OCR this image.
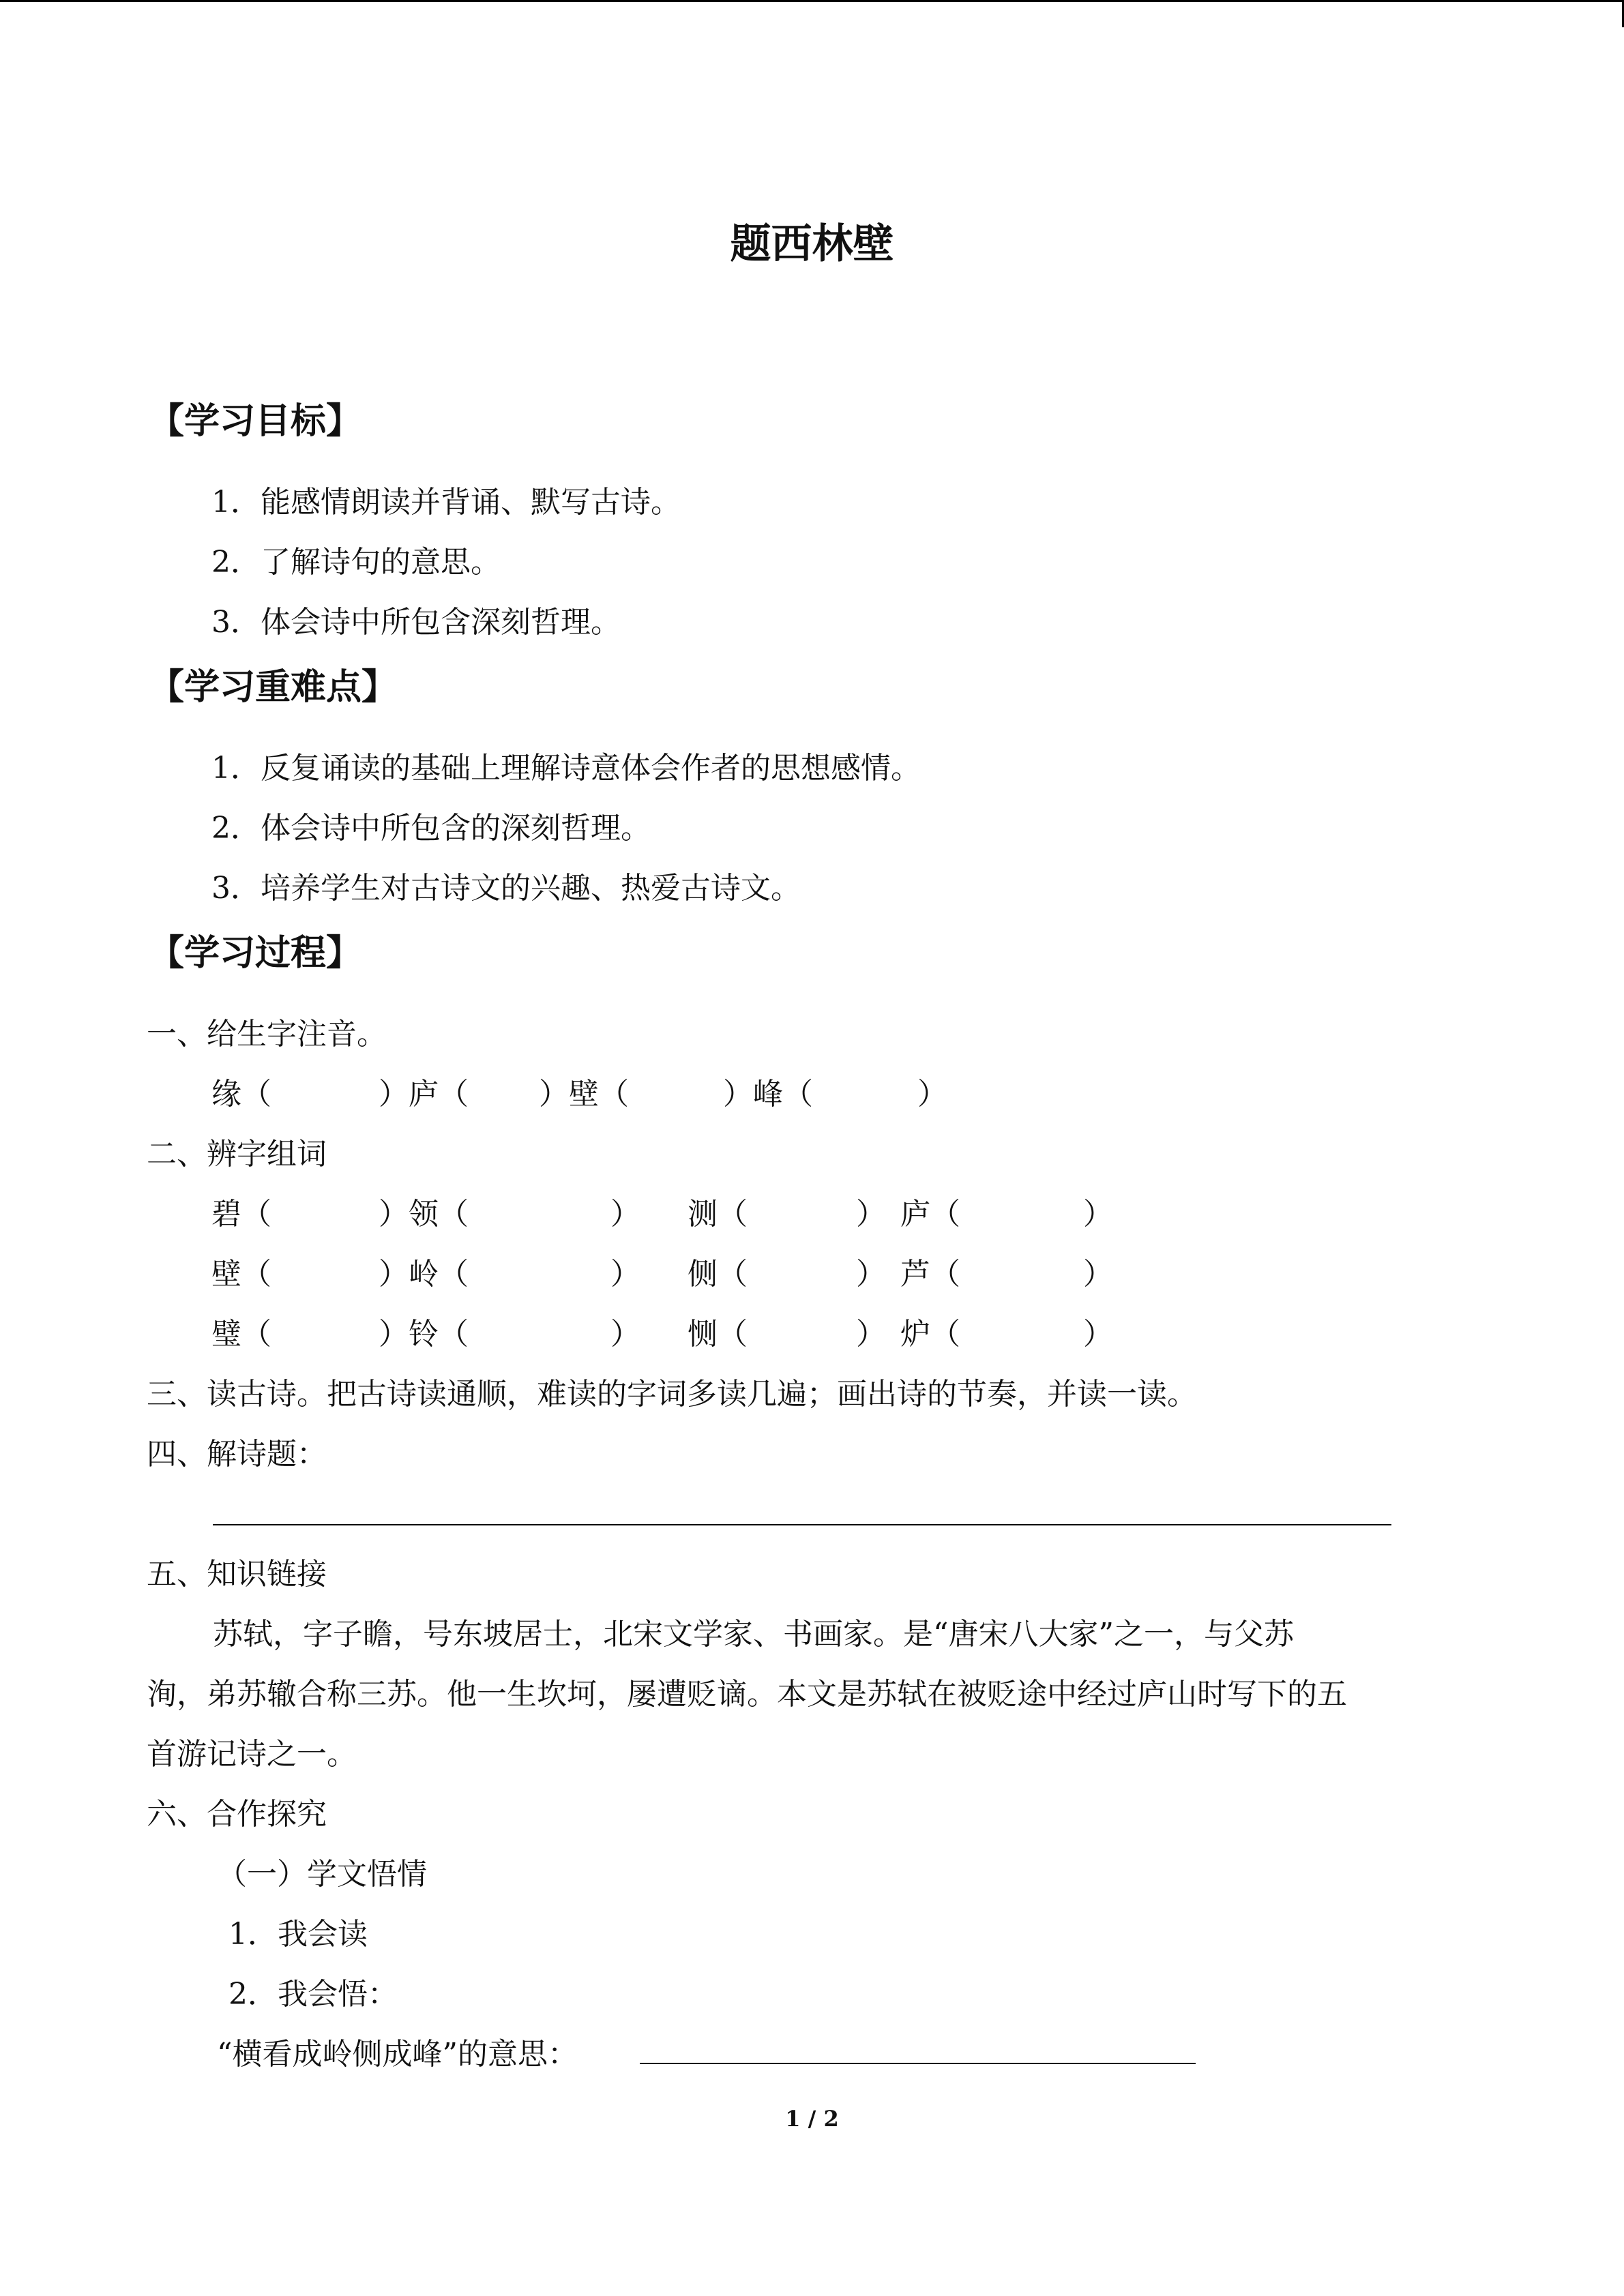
题西林壁
【学习目标】
1．能感情朗读并背诵、默写古诗。
2．了解诗句的意思。
3．体会诗中所包含深刻哲理。
【学习重难点】
1．反复诵读的基础上理解诗意体会作者的思想感情。
2．体会诗中所包含的深刻哲理。
3．培养学生对古诗文的兴趣、热爱古诗文。
【学习过程】
一、给生字注音。
缘（	）庐（ ）壁（	）峰（	）
二、辨字组词
碧（	）领（	） 测（	） 庐（	）
壁（	）岭（	） 侧（	） 芦（	）
璧（	）铃（	） 恻（	） 炉（	）
三、读古诗。把古诗读通顺，难读的字词多读几遍；画出诗的节奏，并读一读。
四、解诗题：
五、知识链接
苏轼，字子瞻，号东坡居士，北宋文学家、书画家。是“唐宋八大家”之一，与父苏
洵，弟苏辙合称三苏。他一生坎坷，屡遭贬谪。本文是苏轼在被贬途中经过庐山时写下的五
首游记诗之一。
六、合作探究
（一）学文悟情
1．我会读
2．我会悟：
“横看成岭侧成峰”的意思：
1 / 2
